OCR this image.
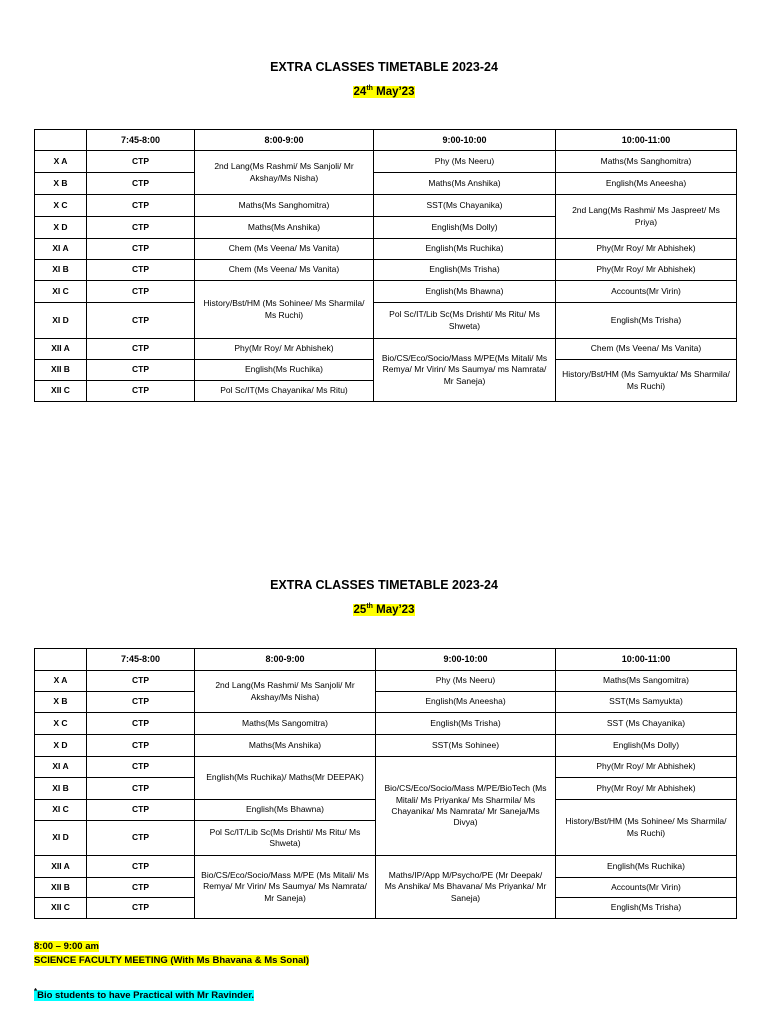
EXTRA CLASSES TIMETABLE 2023-24
24th May’23
	7:45-8:00	8:00-9:00	9:00-10:00	10:00-11:00
X A	CTP	2nd Lang(Ms Rashmi/ Ms Sanjoli/ Mr Akshay/Ms Nisha)	Phy (Ms Neeru)	Maths(Ms Sanghomitra)
X B	CTP		Maths(Ms Anshika)	English(Ms Aneesha)
X C	CTP	Maths(Ms Sanghomitra)	SST(Ms Chayanika)	2nd Lang(Ms Rashmi/ Ms Jaspreet/ Ms Priya)
X D	CTP	Maths(Ms Anshika)	English(Ms Dolly)	
XI A	CTP	Chem (Ms Veena/ Ms Vanita)	English(Ms Ruchika)	Phy(Mr Roy/ Mr Abhishek)
XI B	CTP	Chem (Ms Veena/ Ms Vanita)	English(Ms Trisha)	Phy(Mr Roy/ Mr Abhishek)
XI C	CTP	History/Bst/HM (Ms Sohinee/ Ms Sharmila/ Ms Ruchi)	English(Ms Bhawna)	Accounts(Mr Virin)
XI D	CTP		Pol Sc/IT/Lib Sc(Ms Drishti/ Ms Ritu/ Ms Shweta)	English(Ms Trisha)
XII A	CTP	Phy(Mr Roy/ Mr Abhishek)	Bio/CS/Eco/Socio/Mass M/PE(Ms Mitali/ Ms Remya/ Mr Virin/ Ms Saumya/ ms Namrata/ Mr Saneja)	Chem (Ms Veena/ Ms Vanita)
XII B	CTP	English(Ms Ruchika)		History/Bst/HM (Ms Samyukta/ Ms Sharmila/ Ms Ruchi)
XII C	CTP	Pol Sc/IT(Ms Chayanika/ Ms Ritu)		
EXTRA CLASSES TIMETABLE 2023-24
25th May’23
	7:45-8:00	8:00-9:00	9:00-10:00	10:00-11:00
X A	CTP	2nd Lang(Ms Rashmi/ Ms Sanjoli/ Mr Akshay/Ms Nisha)	Phy (Ms Neeru)	Maths(Ms Sangomitra)
X B	CTP		English(Ms Aneesha)	SST(Ms Samyukta)
X C	CTP	Maths(Ms Sangomitra)	English(Ms Trisha)	SST (Ms Chayanika)
X D	CTP	Maths(Ms Anshika)	SST(Ms Sohinee)	English(Ms Dolly)
XI A	CTP	English(Ms Ruchika)/ Maths(Mr DEEPAK)	Bio/CS/Eco/Socio/Mass M/PE/BioTech (Ms Mitali/ Ms Priyanka/ Ms Sharmila/ Ms Chayanika/ Ms Namrata/ Mr Saneja/Ms Divya)	Phy(Mr Roy/ Mr Abhishek)
XI B	CTP			Phy(Mr Roy/ Mr Abhishek)
XI C	CTP	English(Ms Bhawna)		History/Bst/HM (Ms Sohinee/ Ms Sharmila/ Ms Ruchi)
XI D	CTP	Pol Sc/IT/Lib Sc(Ms Drishti/ Ms Ritu/ Ms Shweta)		
XII A	CTP	Bio/CS/Eco/Socio/Mass M/PE (Ms Mitali/ Ms Remya/ Mr Virin/ Ms Saumya/ Ms Namrata/ Mr Saneja)	Maths/IP/App M/Psycho/PE (Mr Deepak/ Ms Anshika/ Ms Bhavana/ Ms Priyanka/ Mr Saneja)	English(Ms Ruchika)
XII B	CTP			Accounts(Mr Virin)
XII C	CTP			English(Ms Trisha)
8:00 – 9:00 am
SCIENCE FACULTY MEETING (With Ms Bhavana & Ms Sonal)
*Bio students to have Practical with Mr Ravinder.
